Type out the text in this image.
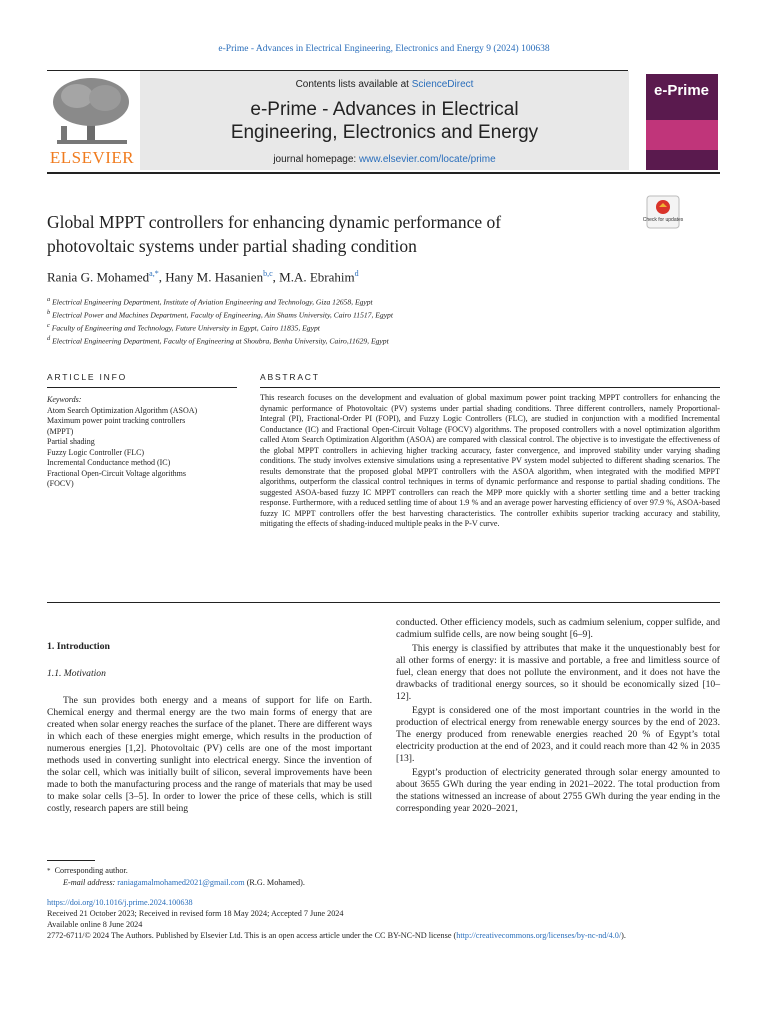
e-Prime - Advances in Electrical Engineering, Electronics and Energy 9 (2024) 100638
ELSEVIER
Contents lists available at ScienceDirect
e-Prime - Advances in Electrical
Engineering, Electronics and Energy
journal homepage: www.elsevier.com/locate/prime
e-Prime
Check for updates
Global MPPT controllers for enhancing dynamic performance of
photovoltaic systems under partial shading condition
Rania G. Mohamed$^{a,*}$, Hany M. Hasanien$^{b,c}$, M.A. Ebrahim$^d$
$^a$ Electrical Engineering Department, Institute of Aviation Engineering and Technology, Giza 12658, Egypt
$^b$ Electrical Power and Machines Department, Faculty of Engineering, Ain Shams University, Cairo 11517, Egypt
$^c$ Faculty of Engineering and Technology, Future University in Egypt, Cairo 11835, Egypt
$^d$ Electrical Engineering Department, Faculty of Engineering at Shoubra, Benha University, Cairo,11629, Egypt
ARTICLE INFO	ABSTRACT
Keywords:
Atom Search Optimization Algorithm (ASOA)
Maximum power point tracking controllers
(MPPT)
Partial shading
Fuzzy Logic Controller (FLC)
Incremental Conductance method (IC)
Fractional Open-Circuit Voltage algorithms
(FOCV)
This research focuses on the development and evaluation of global maximum power point tracking MPPT controllers for enhancing the dynamic performance of Photovoltaic (PV) systems under partial shading conditions. Three different controllers, namely Proportional-Integral (PI), Fractional-Order PI (FOPI), and Fuzzy Logic Controllers (FLC), are studied in conjunction with a modified Incremental Conductance (IC) and Fractional Open-Circuit Voltage (FOCV) algorithms. The proposed controllers with a novel optimization algorithm called Atom Search Optimization Algorithm (ASOA) are compared with classical control. The objective is to investigate the effectiveness of the global MPPT controllers in achieving higher tracking accuracy, faster convergence, and improved stability under varying shading conditions. The study involves extensive simulations using a representative PV system model subjected to different shading scenarios. The results demonstrate that the proposed global MPPT controllers with the ASOA algorithm, when integrated with the modified MPPT algorithms, outperform the classical control techniques in terms of dynamic performance and response to partial shading conditions. The suggested ASOA-based fuzzy IC MPPT controllers can reach the MPP more quickly with a shorter settling time and a better tracking response. Furthermore, with a reduced settling time of about 1.9 % and an average power harvesting efficiency of over 97.9 %, ASOA-based fuzzy IC MPPT controllers offer the best harvesting characteristics. The controller exhibits superior tracking accuracy and stability, mitigating the effects of shading-induced multiple peaks in the P-V curve.
1. Introduction
1.1. Motivation

The sun provides both energy and a means of support for life on Earth. Chemical energy and thermal energy are the two main forms of energy that are created when solar energy reaches the surface of the planet. There are different ways in which each of these energies might emerge, which results in the production of numerous energies [1,2]. Photovoltaic (PV) cells are one of the most important methods used in converting sunlight into electrical energy. Since the invention of the solar cell, which was initially built of silicon, several improvements have been made to both the manufacturing process and the range of materials that may be used to make solar cells [3–5]. In order to lower the price of these cells, which is still costly, research papers are still being

conducted. Other efficiency models, such as cadmium selenium, copper sulfide, and cadmium sulfide cells, are now being sought [6–9].

This energy is classified by attributes that make it the unquestionably best for all other forms of energy: it is massive and portable, a free and limitless source of fuel, clean energy that does not pollute the environment, and it does not have the drawbacks of traditional energy sources, so it should be economically sized [10–12].

Egypt is considered one of the most important countries in the world in the production of electrical energy from renewable energy sources by the end of 2023. The energy produced from renewable energies reached 20 % of Egypt’s total electricity production at the end of 2023, and it could reach more than 42 % in 2035 [13].

Egypt’s production of electricity generated through solar energy amounted to about 3655 GWh during the year ending in 2021–2022. The total production from the stations witnessed an increase of about 2755 GWh during the year ending in the corresponding year 2020–2021,

* Corresponding author.
E-mail address: raniagamalmohamed2021@gmail.com (R.G. Mohamed).
https://doi.org/10.1016/j.prime.2024.100638
Received 21 October 2023; Received in revised form 18 May 2024; Accepted 7 June 2024
Available online 8 June 2024
2772-6711/© 2024 The Authors. Published by Elsevier Ltd. This is an open access article under the CC BY-NC-ND license (http://creativecommons.org/licenses/by-nc-nd/4.0/).
